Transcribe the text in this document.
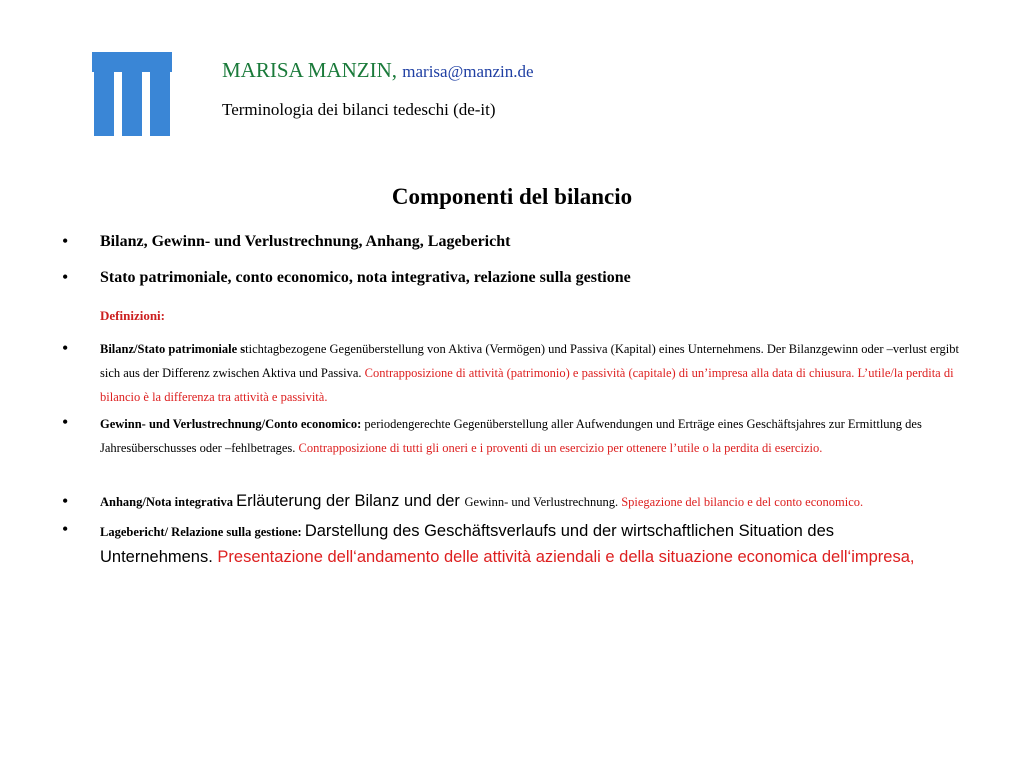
MARISA MANZIN, marisa@manzin.de
Terminologia dei bilanci tedeschi (de-it)
Componenti del bilancio
• Bilanz, Gewinn- und Verlustrechnung, Anhang, Lagebericht
• Stato patrimoniale, conto economico, nota integrativa, relazione sulla gestione
Definizioni:
•	Bilanz/Stato patrimoniale stichtagbezogene Gegenüberstellung von Aktiva (Vermögen) und Passiva (Kapital) eines Unternehmens. Der Bilanzgewinn oder –verlust ergibt sich aus der Differenz zwischen Aktiva und Passiva. Contrapposizione di attività (patrimonio) e passività (capitale) di un’impresa alla data di chiusura. L’utile/la perdita di bilancio è la differenza tra attività e passività.
•	Gewinn- und Verlustrechnung/Conto economico: periodengerechte Gegenüberstellung aller Aufwendungen und Erträge eines Geschäftsjahres zur Ermittlung des Jahresüberschusses oder –fehlbetrages. Contrapposizione di tutti gli oneri e i proventi di un esercizio per ottenere l’utile o la perdita di esercizio.
•	Anhang/Nota integrativa Erläuterung der Bilanz und der Gewinn- und Verlustrechnung. Spiegazione del bilancio e del conto economico.
•	Lagebericht/ Relazione sulla gestione: Darstellung des Geschäftsverlaufs und der wirtschaftlichen Situation des Unternehmens. Presentazione dell‘andamento delle attività aziendali e della situazione economica dell‘impresa,
